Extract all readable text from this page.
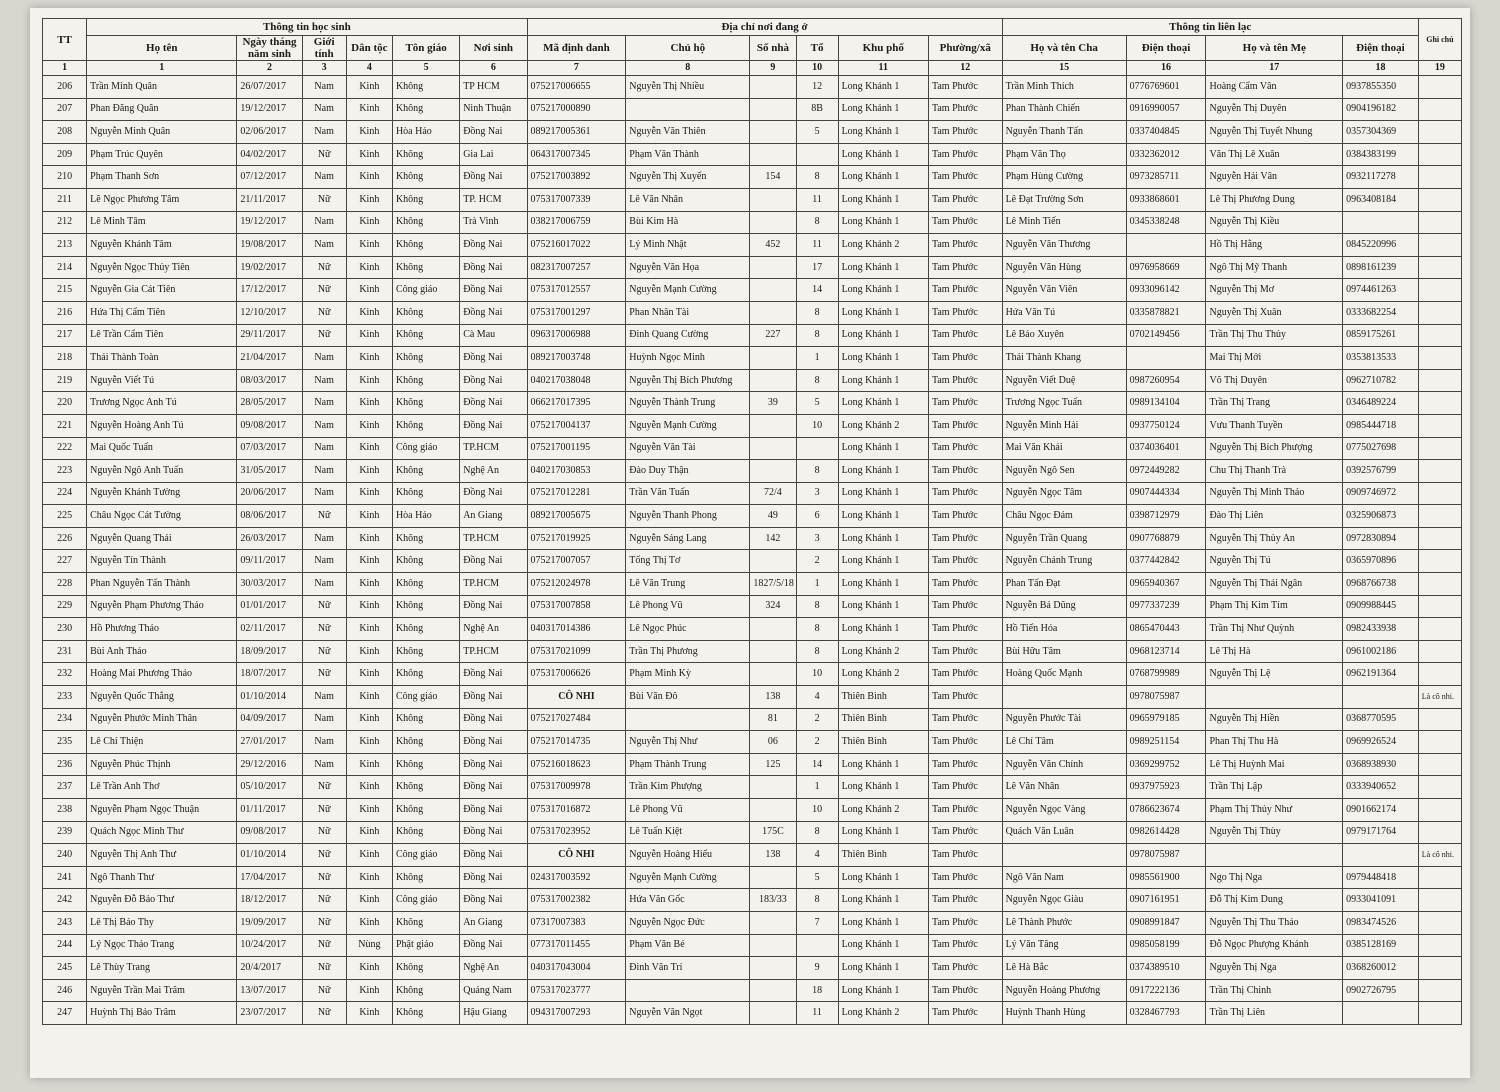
TT	Thông tin học sinh						Địa chỉ nơi đang ở						Thông tin liên lạc				Ghi chú
	Họ tên	Ngày tháng năm sinh	Giới tính	Dân tộc	Tôn giáo	Nơi sinh	Mã định danh	Chủ hộ	Số nhà	Tổ	Khu phố	Phường/xã	Họ và tên Cha	Điện thoại	Họ và tên Mẹ	Điện thoại	
1	1	2	3	4	5	6	7	8	9	10	11	12	15	16	17	18	19
206	Trần Minh Quân	26/07/2017	Nam	Kinh	Không	TP HCM	075217006655	Nguyễn Thị Nhiều		12	Long Khánh 1	Tam Phước	Trần Minh Thích	0776769601	Hoàng Cẩm Vân	0937855350	
207	Phan Đăng Quân	19/12/2017	Nam	Kinh	Không	Ninh Thuận	075217000890			8B	Long Khánh 1	Tam Phước	Phan Thành Chiến	0916990057	Nguyễn Thị Duyên	0904196182	
208	Nguyễn Minh Quân	02/06/2017	Nam	Kinh	Hòa Hảo	Đồng Nai	089217005361	Nguyễn Văn Thiên		5	Long Khánh 1	Tam Phước	Nguyễn Thanh Tấn	0337404845	Nguyễn Thị Tuyết Nhung	0357304369	
209	Phạm Trúc Quyên	04/02/2017	Nữ	Kinh	Không	Gia Lai	064317007345	Phạm Văn Thành			Long Khánh 1	Tam Phước	Phạm Văn Thọ	0332362012	Văn Thị Lê Xuân	0384383199	
210	Phạm Thanh Sơn	07/12/2017	Nam	Kinh	Không	Đồng Nai	075217003892	Nguyễn Thị Xuyến	154	8	Long Khánh 1	Tam Phước	Phạm Hùng Cường	0973285711	Nguyễn Hải Vân	0932117278	
211	Lê Ngọc Phương Tâm	21/11/2017	Nữ	Kinh	Không	TP. HCM	075317007339	Lê Văn Nhân		11	Long Khánh 1	Tam Phước	Lê Đạt Trường Sơn	0933868601	Lê Thị Phương Dung	0963408184	
212	Lê Minh Tâm	19/12/2017	Nam	Kinh	Không	Trà Vinh	038217006759	Bùi Kim Hà		8	Long Khánh 1	Tam Phước	Lê Minh Tiến	0345338248	Nguyễn Thị Kiều		
213	Nguyễn Khánh Tâm	19/08/2017	Nam	Kinh	Không	Đồng Nai	075216017022	Lý Minh Nhật	452	11	Long Khánh 2	Tam Phước	Nguyễn Văn Thương		Hồ Thị Hằng	0845220996	
214	Nguyễn Ngọc Thủy Tiên	19/02/2017	Nữ	Kinh	Không	Đồng Nai	082317007257	Nguyễn Văn Họa		17	Long Khánh 1	Tam Phước	Nguyễn Văn Hùng	0976958669	Ngô Thị Mỹ Thanh	0898161239	
215	Nguyễn Gia Cát Tiên	17/12/2017	Nữ	Kinh	Công giáo	Đồng Nai	075317012557	Nguyễn Mạnh Cường		14	Long Khánh 1	Tam Phước	Nguyễn Văn Viên	0933096142	Nguyễn Thị Mơ	0974461263	
216	Hứa Thị Cẩm Tiên	12/10/2017	Nữ	Kinh	Không	Đồng Nai	075317001297	Phan Nhân Tài		8	Long Khánh 1	Tam Phước	Hứa Văn Tú	0335878821	Nguyễn Thị Xuân	0333682254	
217	Lê Trần Cẩm Tiên	29/11/2017	Nữ	Kinh	Không	Cà Mau	096317006988	Đinh Quang Cường	227	8	Long Khánh 1	Tam Phước	Lê Bảo Xuyên	0702149456	Trần Thị Thu Thủy	0859175261	
218	Thái Thành Toàn	21/04/2017	Nam	Kinh	Không	Đồng Nai	089217003748	Huỳnh Ngọc Minh		1	Long Khánh 1	Tam Phước	Thái Thành Khang		Mai Thị Mới	0353813533	
219	Nguyễn Viết Tú	08/03/2017	Nam	Kinh	Không	Đồng Nai	040217038048	Nguyễn Thị Bích Phương		8	Long Khánh 1	Tam Phước	Nguyễn Viết Duệ	0987260954	Võ Thị Duyên	0962710782	
220	Trương Ngọc Anh Tú	28/05/2017	Nam	Kinh	Không	Đồng Nai	066217017395	Nguyễn Thành Trung	39	5	Long Khánh 1	Tam Phước	Trương Ngọc Tuấn	0989134104	Trần Thị Trang	0346489224	
221	Nguyễn Hoàng Anh Tú	09/08/2017	Nam	Kinh	Không	Đồng Nai	075217004137	Nguyễn Mạnh Cường		10	Long Khánh 2	Tam Phước	Nguyễn Minh Hải	0937750124	Vưu Thanh Tuyền	0985444718	
222	Mai Quốc Tuấn	07/03/2017	Nam	Kinh	Công giáo	TP.HCM	075217001195	Nguyễn Văn Tài			Long Khánh 1	Tam Phước	Mai Văn Khải	0374036401	Nguyễn Thị Bích Phượng	0775027698	
223	Nguyễn Ngô Anh Tuấn	31/05/2017	Nam	Kinh	Không	Nghệ An	040217030853	Đào Duy Thận		8	Long Khánh 1	Tam Phước	Nguyễn Ngô Sen	0972449282	Chu Thị Thanh Trà	0392576799	
224	Nguyễn Khánh Tường	20/06/2017	Nam	Kinh	Không	Đồng Nai	075217012281	Trần Văn Tuấn	72/4	3	Long Khánh 1	Tam Phước	Nguyễn Ngọc Tâm	0907444334	Nguyễn Thị Minh Thảo	0909746972	
225	Châu Ngọc Cát Tường	08/06/2017	Nữ	Kinh	Hòa Hảo	An Giang	089217005675	Nguyễn Thanh Phong	49	6	Long Khánh 1	Tam Phước	Châu Ngọc Đảm	0398712979	Đào Thị Liên	0325906873	
226	Nguyễn Quang Thái	26/03/2017	Nam	Kinh	Không	TP.HCM	075217019925	Nguyễn Sáng Lang	142	3	Long Khánh 1	Tam Phước	Nguyễn Trần Quang	0907768879	Nguyễn Thị Thủy An	0972830894	
227	Nguyễn Tín Thành	09/11/2017	Nam	Kinh	Không	Đồng Nai	075217007057	Tống Thị Tơ		2	Long Khánh 1	Tam Phước	Nguyễn Chánh Trung	0377442842	Nguyễn Thị Tú	0365970896	
228	Phan Nguyễn Tấn Thành	30/03/2017	Nam	Kinh	Không	TP.HCM	075212024978	Lê Văn Trung	1827/5/18	1	Long Khánh 1	Tam Phước	Phan Tấn Đạt	0965940367	Nguyễn Thị Thái Ngân	0968766738	
229	Nguyễn Phạm Phương Thảo	01/01/2017	Nữ	Kinh	Không	Đồng Nai	075317007858	Lê Phong Vũ	324	8	Long Khánh 1	Tam Phước	Nguyễn Bá Dũng	0977337239	Phạm Thị Kim Tím	0909988445	
230	Hồ Phương Thảo	02/11/2017	Nữ	Kinh	Không	Nghệ An	040317014386	Lê Ngọc Phúc		8	Long Khánh 1	Tam Phước	Hồ Tiến Hóa	0865470443	Trần Thị Như Quỳnh	0982433938	
231	Bùi Anh Thảo	18/09/2017	Nữ	Kinh	Không	TP.HCM	075317021099	Trần Thị Phương		8	Long Khánh 2	Tam Phước	Bùi Hữu Tâm	0968123714	Lê Thị Hà	0961002186	
232	Hoàng Mai Phương Thảo	18/07/2017	Nữ	Kinh	Không	Đồng Nai	075317006626	Phạm Minh Kỳ		10	Long Khánh 2	Tam Phước	Hoàng Quốc Mạnh	0768799989	Nguyễn Thị Lệ	0962191364	
233	Nguyễn Quốc Thắng	01/10/2014	Nam	Kinh	Công giáo	Đồng Nai	CÔ NHI	Bùi Văn Đô	138	4	Thiên Bình	Tam Phước		0978075987			Là cô nhi.
234	Nguyễn Phước Minh Thân	04/09/2017	Nam	Kinh	Không	Đồng Nai	075217027484		81	2	Thiên Bình	Tam Phước	Nguyễn Phước Tài	0965979185	Nguyễn Thị Hiền	0368770595	
235	Lê Chí Thiện	27/01/2017	Nam	Kinh	Không	Đồng Nai	075217014735	Nguyễn Thị Như	06	2	Thiên Bình	Tam Phước	Lê Chí Tâm	0989251154	Phan Thị Thu Hà	0969926524	
236	Nguyễn Phúc Thịnh	29/12/2016	Nam	Kinh	Không	Đồng Nai	075216018623	Phạm Thành Trung	125	14	Long Khánh 1	Tam Phước	Nguyễn Văn Chính	0369299752	Lê Thị Huỳnh Mai	0368938930	
237	Lê Trần Anh Thơ	05/10/2017	Nữ	Kinh	Không	Đồng Nai	075317009978	Trần Kim Phượng		1	Long Khánh 1	Tam Phước	Lê Văn Nhân	0937975923	Trần Thị Lập	0333940652	
238	Nguyễn Phạm Ngọc Thuận	01/11/2017	Nữ	Kinh	Không	Đồng Nai	075317016872	Lê Phong Vũ		10	Long Khánh 2	Tam Phước	Nguyễn Ngọc Vàng	0786623674	Phạm Thị Thủy Như	0901662174	
239	Quách Ngọc Minh Thư	09/08/2017	Nữ	Kinh	Không	Đồng Nai	075317023952	Lê Tuấn Kiệt	175C	8	Long Khánh 1	Tam Phước	Quách Văn Luân	0982614428	Nguyễn Thị Thùy	0979171764	
240	Nguyễn Thị Anh Thư	01/10/2014	Nữ	Kinh	Công giáo	Đồng Nai	CÔ NHI	Nguyễn Hoàng Hiếu	138	4	Thiên Bình	Tam Phước		0978075987			Là cô nhi.
241	Ngô Thanh Thư	17/04/2017	Nữ	Kinh	Không	Đồng Nai	024317003592	Nguyễn Mạnh Cường		5	Long Khánh 1	Tam Phước	Ngô Văn Nam	0985561900	Ngo Thị Nga	0979448418	
242	Nguyễn Đỗ Bảo Thư	18/12/2017	Nữ	Kinh	Công giáo	Đồng Nai	075317002382	Hứa Văn Gốc	183/33	8	Long Khánh 1	Tam Phước	Nguyễn Ngọc Giàu	0907161951	Đỗ Thị Kim Dung	0933041091	
243	Lê Thị Bảo Thy	19/09/2017	Nữ	Kinh	Không	An Giang	07317007383	Nguyễn Ngọc Đức		7	Long Khánh 1	Tam Phước	Lê Thành Phước	0908991847	Nguyễn Thị Thu Thảo	0983474526	
244	Lý Ngọc Thảo Trang	10/24/2017	Nữ	Nùng	Phật giáo	Đồng Nai	077317011455	Phạm Văn Bé			Long Khánh 1	Tam Phước	Lý Văn Tăng	0985058199	Đỗ Ngọc Phượng Khánh	0385128169	
245	Lê Thùy Trang	20/4/2017	Nữ	Kinh	Không	Nghệ An	040317043004	Đinh Văn Trí		9	Long Khánh 1	Tam Phước	Lê Hà Bắc	0374389510	Nguyễn Thị Nga	0368260012	
246	Nguyễn Trần Mai Trâm	13/07/2017	Nữ	Kinh	Không	Quảng Nam	075317023777			18	Long Khánh 1	Tam Phước	Nguyễn Hoàng Phương	0917222136	Trần Thị Chinh	0902726795	
247	Huỳnh Thị Bảo Trâm	23/07/2017	Nữ	Kinh	Không	Hậu Giang	094317007293	Nguyễn Văn Ngọt		11	Long Khánh 2	Tam Phước	Huỳnh Thanh Hùng	0328467793	Trần Thị Liên		
